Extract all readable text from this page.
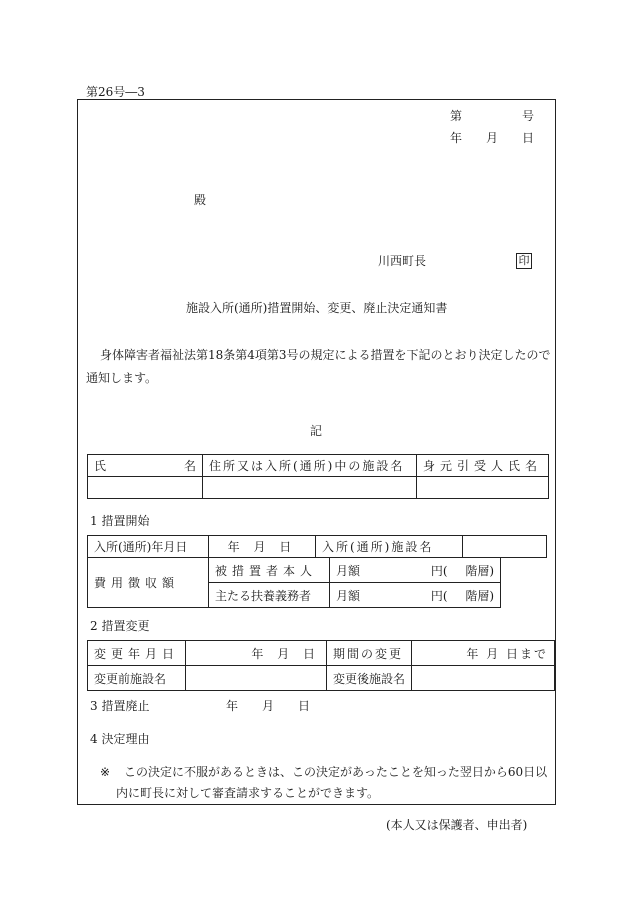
第26号―3
第	号
年 月 日
殿
川西町長	印
施設入所(通所)措置開始、変更、廃止決定通知書
身体障害者福祉法第18条第4項第3号の規定による措置を下記のとおり決定したので
通知します。
記
氏 名	住所又は入所(通所)中の施設名	身元引受人氏名

1 措置開始
入所(通所)年月日	年 月 日	入所(通所)施設名	
費用徴収額	被措置者本人	月額	円(	階層)
	主たる扶養義務者	月額	円(	階層)
2 措置変更
変更年月日	年 月 日	期間の変更	年 月 日まで
変更前施設名		変更後施設名	
3 措置廃止	年　　月　　日
4 決定理由
※ この決定に不服があるときは、この決定があったことを知った翌日から60日以
内に町長に対して審査請求することができます。
(本人又は保護者、申出者)
